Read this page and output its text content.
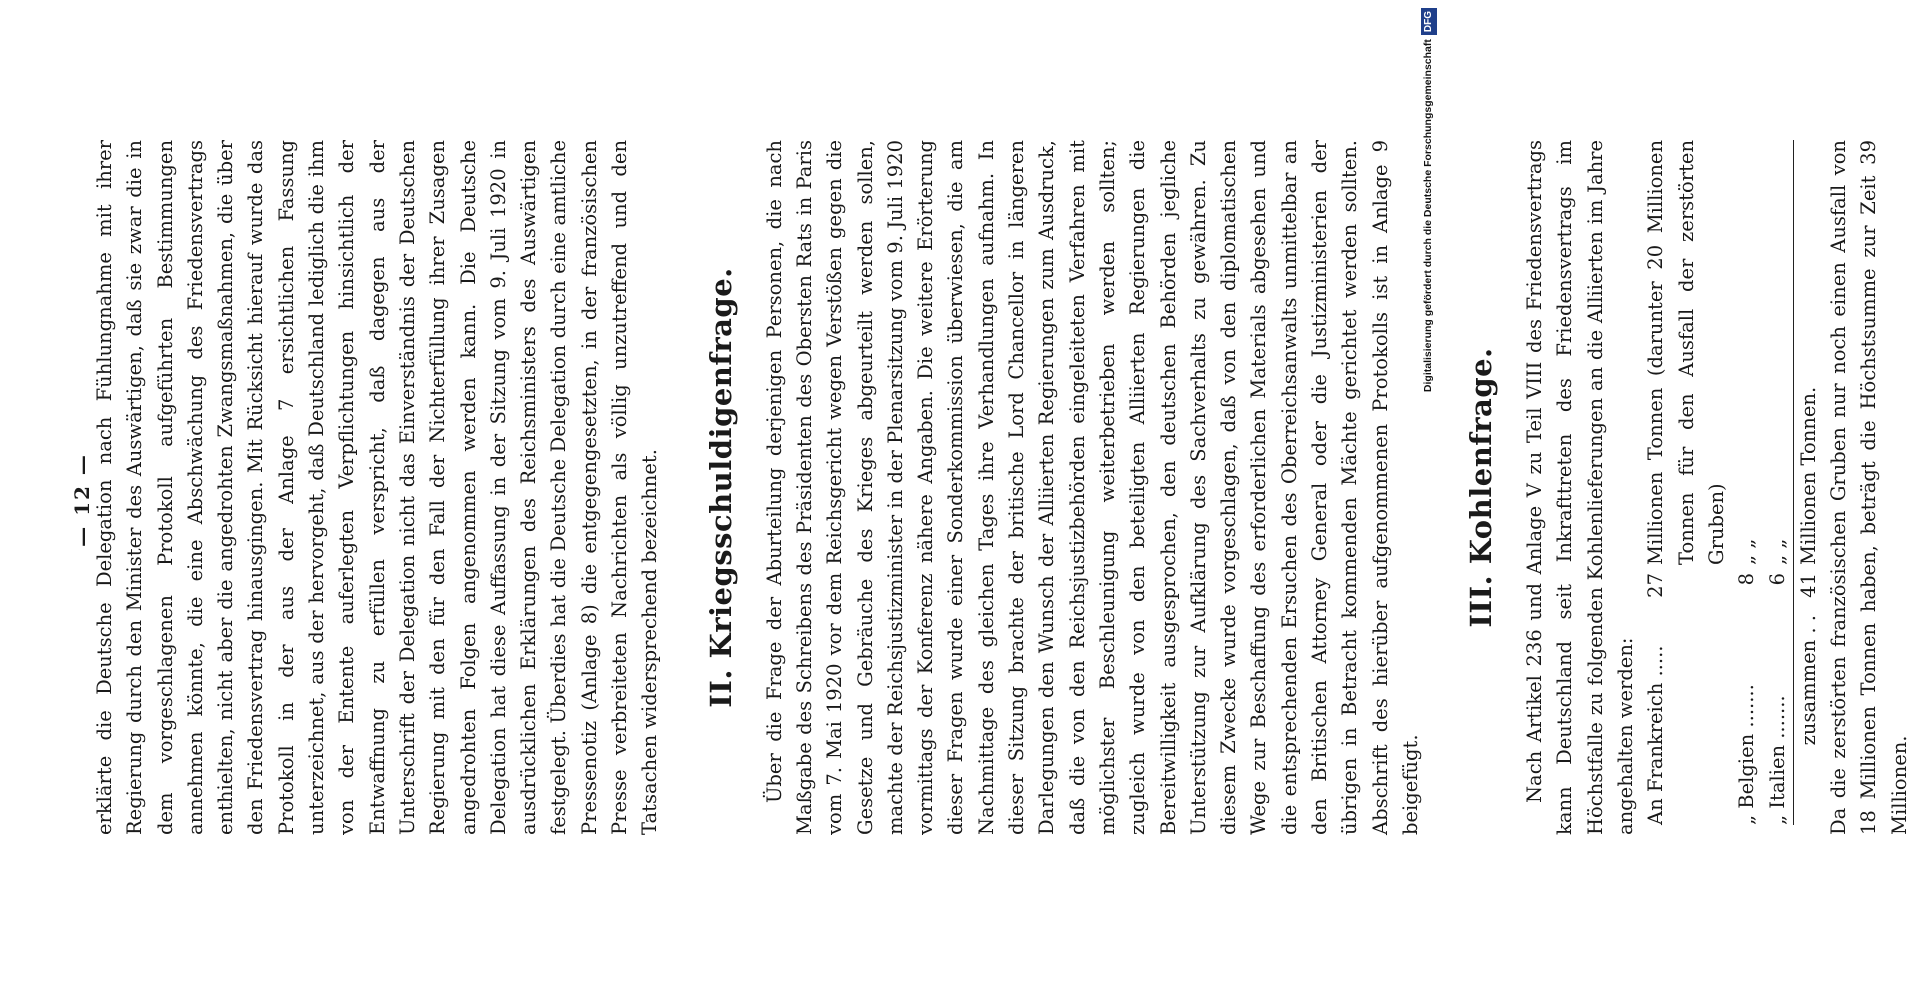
— 12 — erklärte die Deutsche Delegation nach Fühlungnahme mit ihrer Regierung durch den Minister des Auswärtigen, daß sie zwar die in dem vorgeschlagenen Protokoll aufgeführten Bestimmungen annehmen könnte, die eine Abschwächung des Friedensvertrags enthielten, nicht aber die angedrohten Zwangsmaßnahmen, die über den Friedensvertrag hinausgingen. Mit Rücksicht hierauf wurde das Protokoll in der aus der Anlage 7 ersichtlichen Fassung unterzeichnet, aus der hervorgeht, daß Deutschland lediglich die ihm von der Entente auferlegten Verpflichtungen hinsichtlich der Entwaffnung zu erfüllen verspricht, daß dagegen aus der Unterschrift der Delegation nicht das Einverständnis der Deutschen Regierung mit den für den Fall der Nichterfüllung ihrer Zusagen angedrohten Folgen angenommen werden kann. Die Deutsche Delegation hat diese Auffassung in der Sitzung vom 9. Juli 1920 in ausdrücklichen Erklärungen des Reichsministers des Auswärtigen festgelegt. Überdies hat die Deutsche Delegation durch eine amtliche Pressenotiz (Anlage 8) die entgegengesetzten, in der französischen Presse verbreiteten Nachrichten als völlig unzutreffend und den Tatsachen widersprechend bezeichnet. II. Kriegsschuldigenfrage. Über die Frage der Aburteilung derjenigen Personen, die nach Maßgabe des Schreibens des Präsidenten des Obersten Rats in Paris vom 7. Mai 1920 vor dem Reichsgericht wegen Verstößen gegen die Gesetze und Gebräuche des Krieges abgeurteilt werden sollen, machte der Reichsjustizminister in der Plenarsitzung vom 9. Juli 1920 vormittags der Konferenz nähere Angaben. Die weitere Erörterung dieser Fragen wurde einer Sonderkommission überwiesen, die am Nachmittage des gleichen Tages ihre Verhandlungen aufnahm. In dieser Sitzung brachte der britische Lord Chancellor in längeren Darlegungen den Wunsch der Alliierten Regierungen zum Ausdruck, daß die von den Reichsjustizbehörden eingeleiteten Verfahren mit möglichster Beschleunigung weiterbetrieben werden sollten; zugleich wurde von den beteiligten Alliierten Regierungen die Bereitwilligkeit ausgesprochen, den deutschen Behörden jegliche Unterstützung zur Aufklärung des Sachverhalts zu gewähren. Zu diesem Zwecke wurde vorgeschlagen, daß von den diplomatischen Wege zur Beschaffung des erforderlichen Materials abgesehen und die entsprechenden Ersuchen des Oberreichsanwalts unmittelbar an den Britischen Attorney General oder die Justizministerien der übrigen in Betracht kommenden Mächte gerichtet werden sollten. Abschrift des hierüber aufgenommenen Protokolls ist in Anlage 9 beigefügt.

III. Kohlenfrage. Nach Artikel 236 und Anlage V zu Teil VIII des Friedensvertrags kann Deutschland seit Inkrafttreten des Friedensvertrags im Höchstfalle zu folgenden Kohlenlieferungen an die Alliierten im Jahre angehalten werden: An Frankreich .....	27	Millionen Tonnen (darunter 20 Millionen Tonnen für den Ausfall der zerstörten Gruben)
„ Belgien .......	8	„ „
„ Italien .......	6	„ „
zusammen . .	41	Millionen Tonnen. Da die zerstörten französischen Gruben nur noch einen Ausfall von 18 Millionen Tonnen haben, beträgt die Höchstsumme zur Zeit 39 Millionen.

Digitalisierung gefördert durch die Deutsche ForschungsgemeinschaftDFG
